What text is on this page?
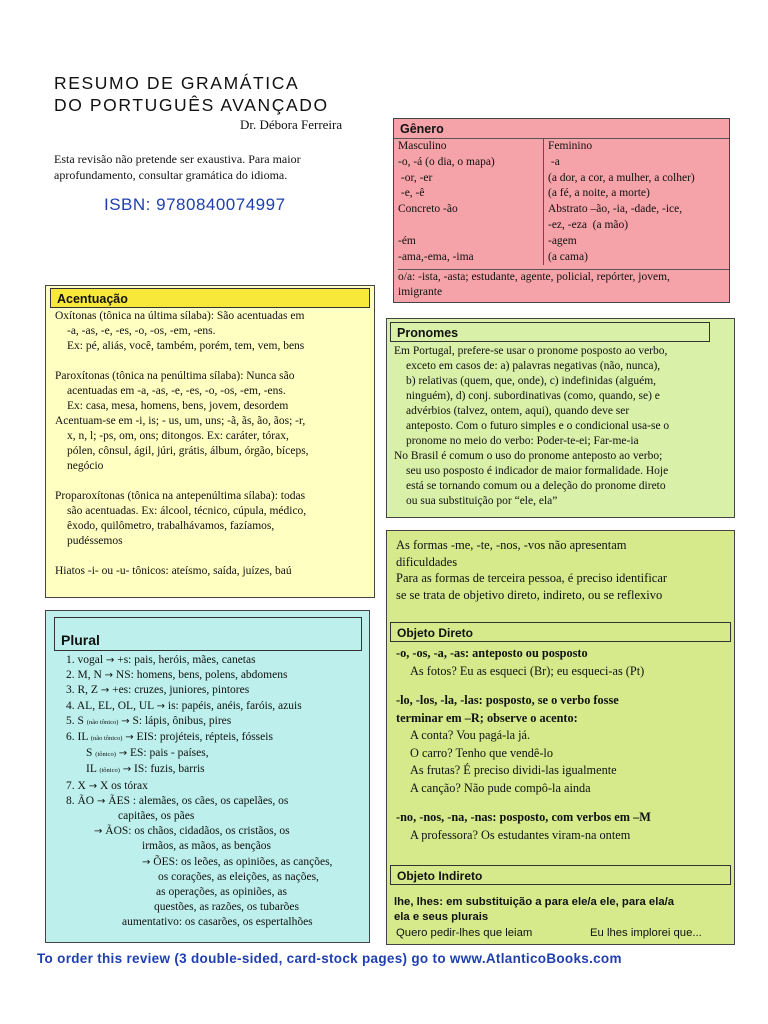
RESUMO DE GRAMÁTICA
DO PORTUGUÊS AVANÇADO
Dr. Débora Ferreira
Esta revisão não pretende ser exaustiva. Para maior
aprofundamento, consultar gramática do idioma.
ISBN: 9780840074997
Gênero
Masculino	Feminino
-o, -á (o dia, o mapa)	-a
-or, -er	(a dor, a cor, a mulher, a colher)
-e, -ê	(a fé, a noite, a morte)
Concreto -ão	Abstrato –ão, -ia, -dade, -ice,
	-ez, -eza  (a mão)
-ém	-agem
-ama,-ema, -ima	(a cama)
o/a: -ista, -asta; estudante, agente, policial, repórter, jovem,
imigrante
Acentuação
Oxítonas (tônica na última sílaba): São acentuadas em
-a, -as, -e, -es, -o, -os, -em, -ens.
Ex: pé, aliás, você, também, porém, tem, vem, bens

Paroxítonas (tônica na penúltima sílaba): Nunca são
acentuadas em -a, -as, -e, -es, -o, -os, -em, -ens.
Ex: casa, mesa, homens, bens, jovem, desordem
Acentuam-se em -i, is; - us, um, uns; -ã, ãs, ão, ãos; -r,
x, n, l; -ps, om, ons; ditongos. Ex: caráter, tórax,
pólen, cônsul, ágil, júri, grátis, álbum, órgão, bíceps,
negócio

Proparoxítonas (tônica na antepenúltima sílaba): todas
são acentuadas. Ex: álcool, técnico, cúpula, médico,
êxodo, quilômetro, trabalhávamos, fazíamos,
pudéssemos

Hiatos -i- ou -u- tônicos: ateísmo, saída, juízes, baú
Pronomes
Em Portugal, prefere-se usar o pronome posposto ao verbo,
exceto em casos de: a) palavras negativas (não, nunca),
b) relativas (quem, que, onde), c) indefinidas (alguém,
ninguém), d) conj. subordinativas (como, quando, se) e
advérbios (talvez, ontem, aqui), quando deve ser
anteposto. Com o futuro simples e o condicional usa-se o
pronome no meio do verbo: Poder-te-ei; Far-me-ia
No Brasil é comum o uso do pronome anteposto ao verbo;
seu uso posposto é indicador de maior formalidade. Hoje
está se tornando comum ou a deleção do pronome direto
ou sua substituição por “ele, ela”
As formas -me, -te, -nos, -vos não apresentam
dificuldades
Para as formas de terceira pessoa, é preciso identificar
se se trata de objetivo direto, indireto, ou se reflexivo
Objeto Direto
-o, -os, -a, -as: anteposto ou posposto
As fotos? Eu as esqueci (Br); eu esqueci-as (Pt)

-lo, -los, -la, -las: posposto, se o verbo fosse
terminar em –R; observe o acento:
A conta? Vou pagá-la já.
O carro? Tenho que vendê-lo
As frutas? É preciso dividi-las igualmente
A canção? Não pude compô-la ainda

-no, -nos, -na, -nas: posposto, com verbos em –M
A professora? Os estudantes viram-na ontem
Objeto Indireto
lhe, lhes: em substituição a para ele/a ele, para ela/a
ela e seus plurais
Quero pedir-lhes que leiam	Eu lhes implorei que...
Plural
1. vogal → +s: pais, heróis, mães, canetas
2. M, N → NS: homens, bens, polens, abdomens
3. R, Z → +es: cruzes, juniores, pintores
4. AL, EL, OL, UL → is: papéis, anéis, faróis, azuis
5. S (não tônico) → S: lápis, ônibus, pires
6. IL (não tônico) → EIS: projéteis, répteis, fósseis
S (tônico) → ES: pais - países,
IL (tônico) → IS: fuzis, barris
7. X → X os tórax
8. ÃO → ÃES : alemães, os cães, os capelães, os
capitães, os pães
→ ÃOS: os chãos, cidadãos, os cristãos, os
irmãos, as mãos, as bençãos
→ ÕES: os leões, as opiniões, as canções,
os corações, as eleições, as nações,
as operações, as opiniões, as
questões, as razões, os tubarões
aumentativo: os casarões, os espertalhões
To order this review (3 double-sided, card-stock pages) go to www.AtlanticoBooks.com
